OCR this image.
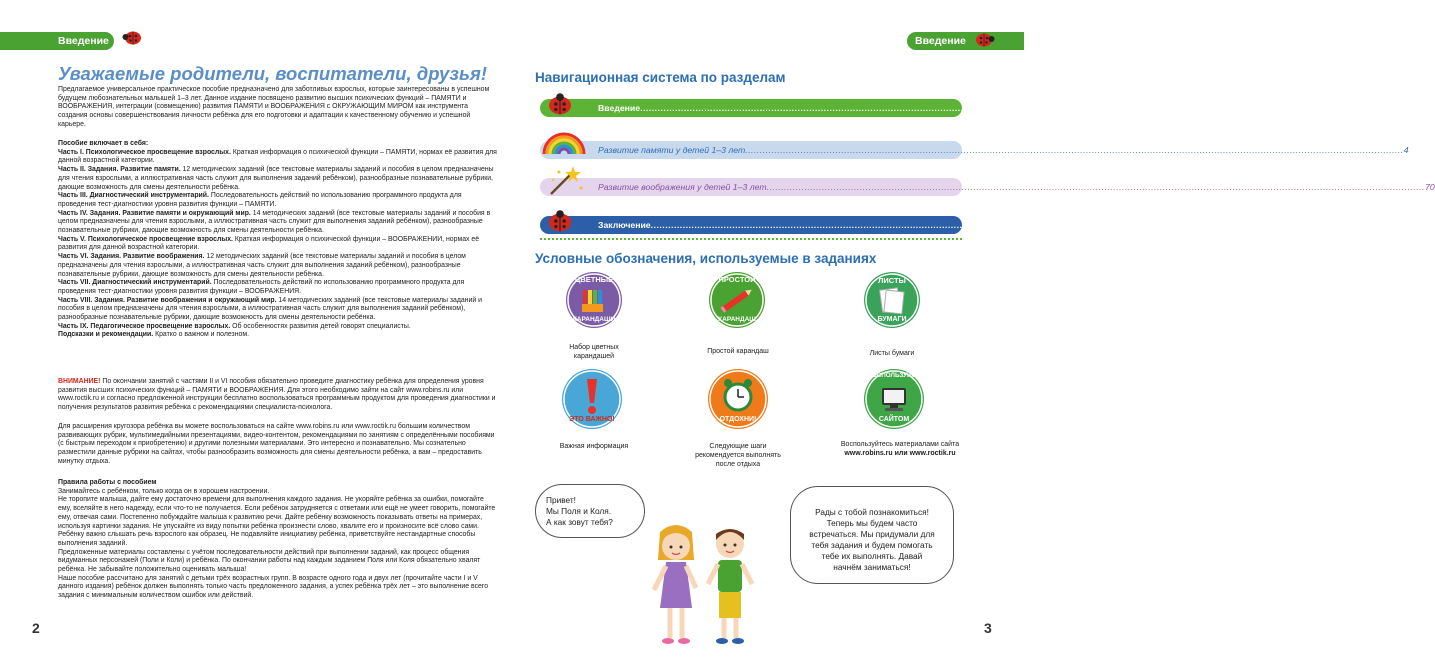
Введение
Уважаемые родители, воспитатели, друзья!
Предлагаемое универсальное практическое пособие предназначено для заботливых взрослых, которые заинтересованы в успешном будущем любознательных малышей 1–3 лет. Данное издание посвящено развитию высших психических функций – ПАМЯТИ и ВООБРАЖЕНИЯ, интеграции (совмещению) развития ПАМЯТИ и ВООБРАЖЕНИЯ с ОКРУЖАЮЩИМ МИРОМ как инструмента создания основы совершенствования личности ребёнка для его подготовки и адаптации к качественному обучению и успешной карьере.
Пособие включает в себя:
Часть I. Психологическое просвещение взрослых. Краткая информация о психической функции – ПАМЯТИ, нормах её развития для данной возрастной категории.
Часть II. Задания. Развитие памяти. 12 методических заданий (все текстовые материалы заданий и пособия в целом предназначены для чтения взрослыми, а иллюстративная часть служит для выполнения заданий ребёнком), разнообразные познавательные рубрики, дающие возможность для смены деятельности ребёнка.
Часть III. Диагностический инструментарий. Последовательность действий по использованию программного продукта для проведения тест-диагностики уровня развития функции – ПАМЯТИ.
Часть IV. Задания. Развитие памяти и окружающий мир. 14 методических заданий (все текстовые материалы заданий и пособия в целом предназначены для чтения взрослыми, а иллюстративная часть служит для выполнения заданий ребёнком), разнообразные познавательные рубрики, дающие возможность для смены деятельности ребёнка.
Часть V. Психологическое просвещение взрослых. Краткая информация о психической функции – ВООБРАЖЕНИИ, нормах её развития для данной возрастной категории.
Часть VI. Задания. Развитие воображения. 12 методических заданий (все текстовые материалы заданий и пособия в целом предназначены для чтения взрослыми, а иллюстративная часть служит для выполнения заданий ребёнком), разнообразные познавательные рубрики, дающие возможность для смены деятельности ребёнка.
Часть VII. Диагностический инструментарий. Последовательность действий по использованию программного продукта для проведения тест-диагностики уровня развития функции – ВООБРАЖЕНИЯ.
Часть VIII. Задания. Развитие воображения и окружающий мир. 14 методических заданий (все текстовые материалы заданий и пособия в целом предназначены для чтения взрослыми, а иллюстративная часть служит для выполнения заданий ребёнком), разнообразные познавательные рубрики, дающие возможность для смены деятельности ребёнка.
Часть IX. Педагогическое просвещение взрослых. Об особенностях развития детей говорят специалисты.
Подсказки и рекомендации. Кратко о важном и полезном.
ВНИМАНИЕ! По окончании занятий с частями II и VI пособия обязательно проведите диагностику ребёнка для определения уровня развития высших психических функций – ПАМЯТИ и ВООБРАЖЕНИЯ. Для этого необходимо зайти на сайт www.robins.ru или www.roctik.ru и согласно предложенной инструкции бесплатно воспользоваться программным продуктом для проведения диагностики и получения результатов развития ребёнка с рекомендациями специалиста-психолога.
Для расширения кругозора ребёнка вы можете воспользоваться на сайте www.robins.ru или www.roctik.ru большим количеством развивающих рубрик, мультимедийными презентациями, видео-контентом, рекомендациями по занятиям с определёнными пособиями (с быстрым переходом к приобретению) и другими полезными материалами. Это интересно и познавательно. Мы сознательно разместили данные рубрики на сайтах, чтобы разнообразить возможность для смены деятельности ребёнка, а вам – предоставить минутку отдыха.
Правила работы с пособием
Занимайтесь с ребёнком, только когда он в хорошем настроении.
Не торопите малыша, дайте ему достаточно времени для выполнения каждого задания. Не укоряйте ребёнка за ошибки, помогайте ему, вселяйте в него надежду, если что-то не получается. Если ребёнок затрудняется с ответами или ещё не умеет говорить, помогайте ему, отвечая сами. Постепенно побуждайте малыша к развитию речи. Дайте ребёнку возможность показывать ответы на примерах, используя картинки задания. Не упускайте из виду попытки ребёнка произнести слово, хвалите его и произносите всё слово сами. Ребёнку важно слышать речь взрослого как образец. Не подавляйте инициативу ребёнка, приветствуйте нестандартные способы выполнения заданий.
Предложенные материалы составлены с учётом последовательности действий при выполнении заданий, как процесс общения видуманных персонажей (Поли и Коли) и ребёнка. По окончании работы над каждым заданием Поля или Коля обязательно хвалят ребёнка. Не забывайте положительно оценивать малыша!
Наше пособие рассчитано для занятий с детьми трёх возрастных групп. В возрасте одного года и двух лет (прочитайте части I и V данного издания) ребёнок должен выполнять только часть предложенного задания, а успех ребёнка трёх лет – это выполнение всего задания с минимальным количеством ошибок или действий.
2
Введение
Навигационная система по разделам
Введение .................................................................................................................................................................................................................................. 2
Развитие памяти у детей 1–3 лет .................................................................................................................................................................................................................................. 4
Развитие воображения у детей 1–3 лет .................................................................................................................................................................................................................................. 70
Заключение .................................................................................................................................................................................................................................. 119
Условные обозначения, используемые в заданиях
ЦВЕТНЫЕ
КАРАНДАШИ
ПРОСТОЙ
КАРАНДАШ
ЛИСТЫ
БУМАГИ
Набор цветных карандашей
Простой карандаш	Листы бумаги
ЭТО ВАЖНО!	ОТДОХНИ!
ВОСПОЛЬЗУЙСЯ
САЙТОМ
Важная информация	Следующие шаги рекомендуется выполнять после отдыха
Воспользуйтесь материалами сайта
www.robins.ru или www.roctik.ru
Привет!
Мы Поля и Коля.
А как зовут тебя?
Рады с тобой познакомиться! Теперь мы будем часто встречаться. Мы придумали для тебя задания и будем помогать тебе их выполнять. Давай начнём заниматься!
3
